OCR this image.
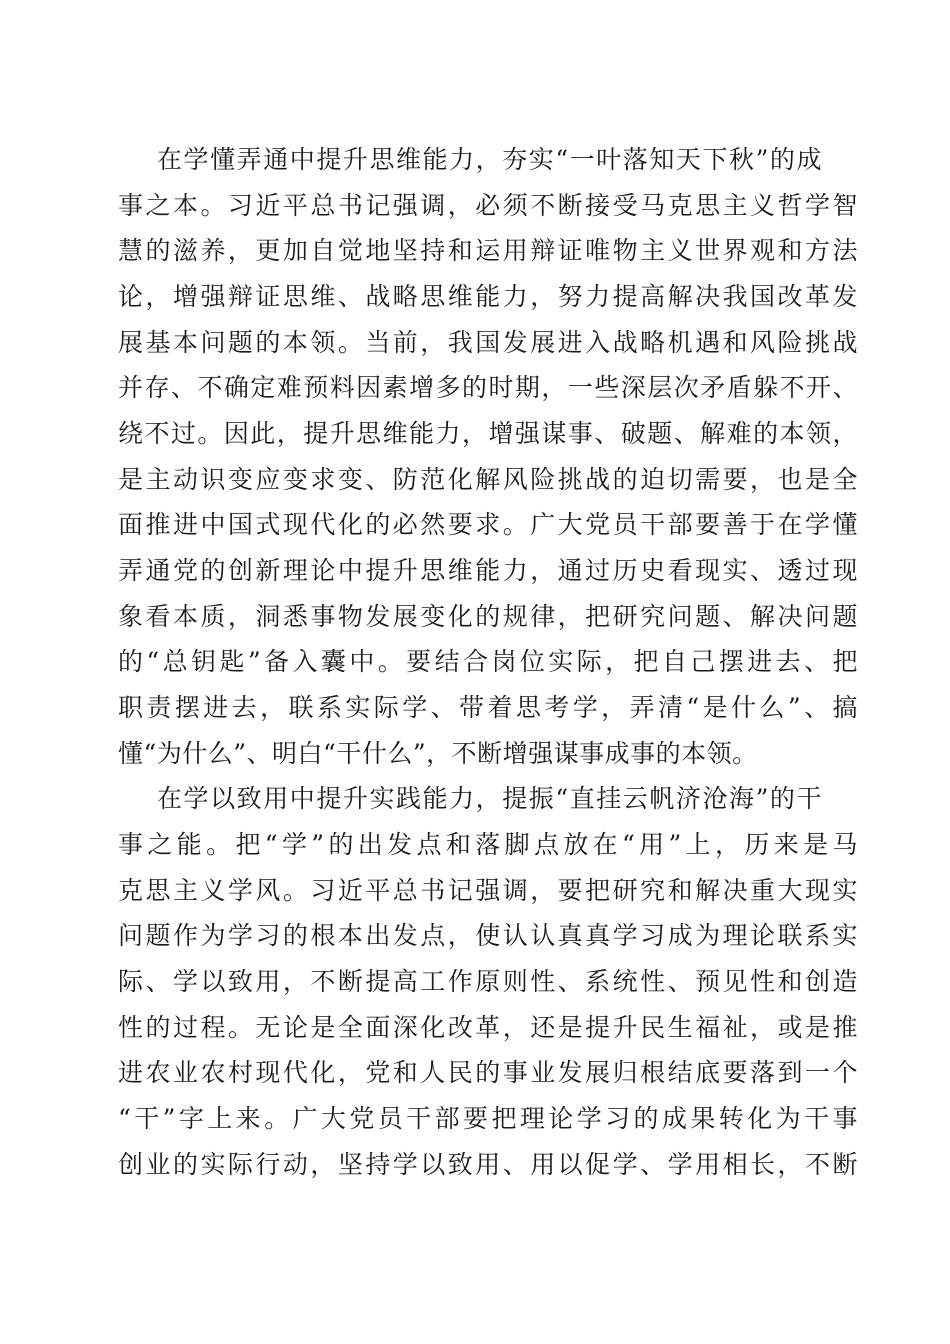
在学懂弄通中提升思维能力，夯实“一叶落知天下秋”的成
事之本。习近平总书记强调，必须不断接受马克思主义哲学智
慧的滋养，更加自觉地坚持和运用辩证唯物主义世界观和方法
论，增强辩证思维、战略思维能力，努力提高解决我国改革发
展基本问题的本领。当前，我国发展进入战略机遇和风险挑战
并存、不确定难预料因素增多的时期，一些深层次矛盾躲不开、
绕不过。因此，提升思维能力，增强谋事、破题、解难的本领，
是主动识变应变求变、防范化解风险挑战的迫切需要，也是全
面推进中国式现代化的必然要求。广大党员干部要善于在学懂
弄通党的创新理论中提升思维能力，通过历史看现实、透过现
象看本质，洞悉事物发展变化的规律，把研究问题、解决问题
的“总钥匙”备入囊中。要结合岗位实际，把自己摆进去、把
职责摆进去，联系实际学、带着思考学，弄清“是什么”、搞
懂“为什么”、明白“干什么”，不断增强谋事成事的本领。
在学以致用中提升实践能力，提振“直挂云帆济沧海”的干
事之能。把“学”的出发点和落脚点放在“用”上，历来是马
克思主义学风。习近平总书记强调，要把研究和解决重大现实
问题作为学习的根本出发点，使认认真真学习成为理论联系实
际、学以致用，不断提高工作原则性、系统性、预见性和创造
性的过程。无论是全面深化改革，还是提升民生福祉，或是推
进农业农村现代化，党和人民的事业发展归根结底要落到一个
“干”字上来。广大党员干部要把理论学习的成果转化为干事
创业的实际行动，坚持学以致用、用以促学、学用相长，不断
